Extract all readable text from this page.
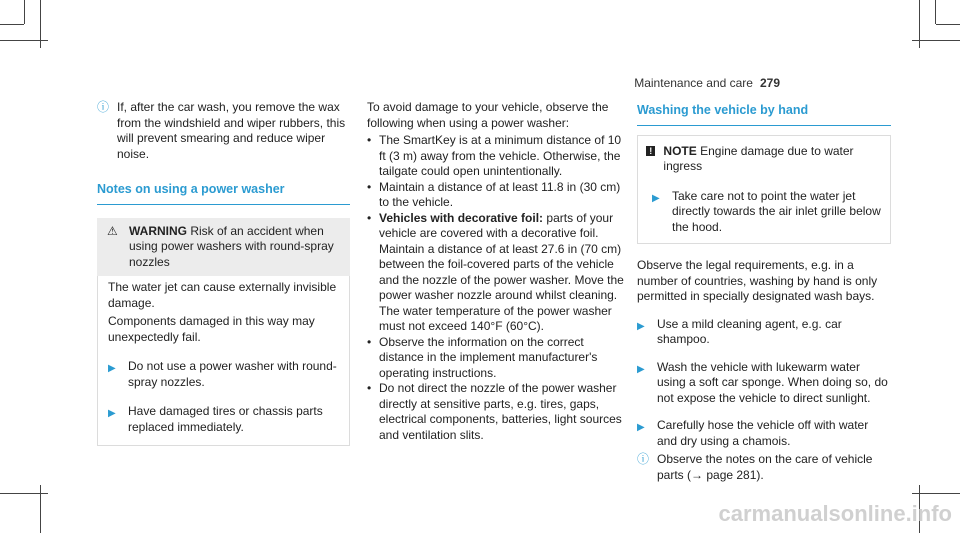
Maintenance and care 279
ⓘ If, after the car wash, you remove the wax from the windshield and wiper rubbers, this will prevent smearing and reduce wiper noise.
Notes on using a power washer
⚠ WARNING Risk of an accident when using power washers with round-spray nozzles
The water jet can cause externally invisible damage.
Components damaged in this way may unexpectedly fail.
▶	Do not use a power washer with round-spray nozzles.
▶	Have damaged tires or chassis parts replaced immediately.
To avoid damage to your vehicle, observe the following when using a power washer:
• The SmartKey is at a minimum distance of 10 ft (3 m) away from the vehicle. Otherwise, the tailgate could open unintentionally.
• Maintain a distance of at least 11.8 in (30 cm) to the vehicle.
• Vehicles with decorative foil: parts of your vehicle are covered with a decorative foil. Maintain a distance of at least 27.6 in (70 cm) between the foil-covered parts of the vehicle and the nozzle of the power washer. Move the power washer nozzle around whilst cleaning. The water temperature of the power washer must not exceed 140°F (60°C).
• Observe the information on the correct distance in the implement manufacturer's operating instructions.
• Do not direct the nozzle of the power washer directly at sensitive parts, e.g. tires, gaps, electrical components, batteries, light sources and ventilation slits.
Washing the vehicle by hand
! NOTE Engine damage due to water ingress
▶	Take care not to point the water jet directly towards the air inlet grille below the hood.
Observe the legal requirements, e.g. in a number of countries, washing by hand is only permitted in specially designated wash bays.
▶	Use a mild cleaning agent, e.g. car shampoo.
▶	Wash the vehicle with lukewarm water using a soft car sponge. When doing so, do not expose the vehicle to direct sunlight.
▶	Carefully hose the vehicle off with water and dry using a chamois.
ⓘ Observe the notes on the care of vehicle parts (→ page 281).
carmanualsonline.info
